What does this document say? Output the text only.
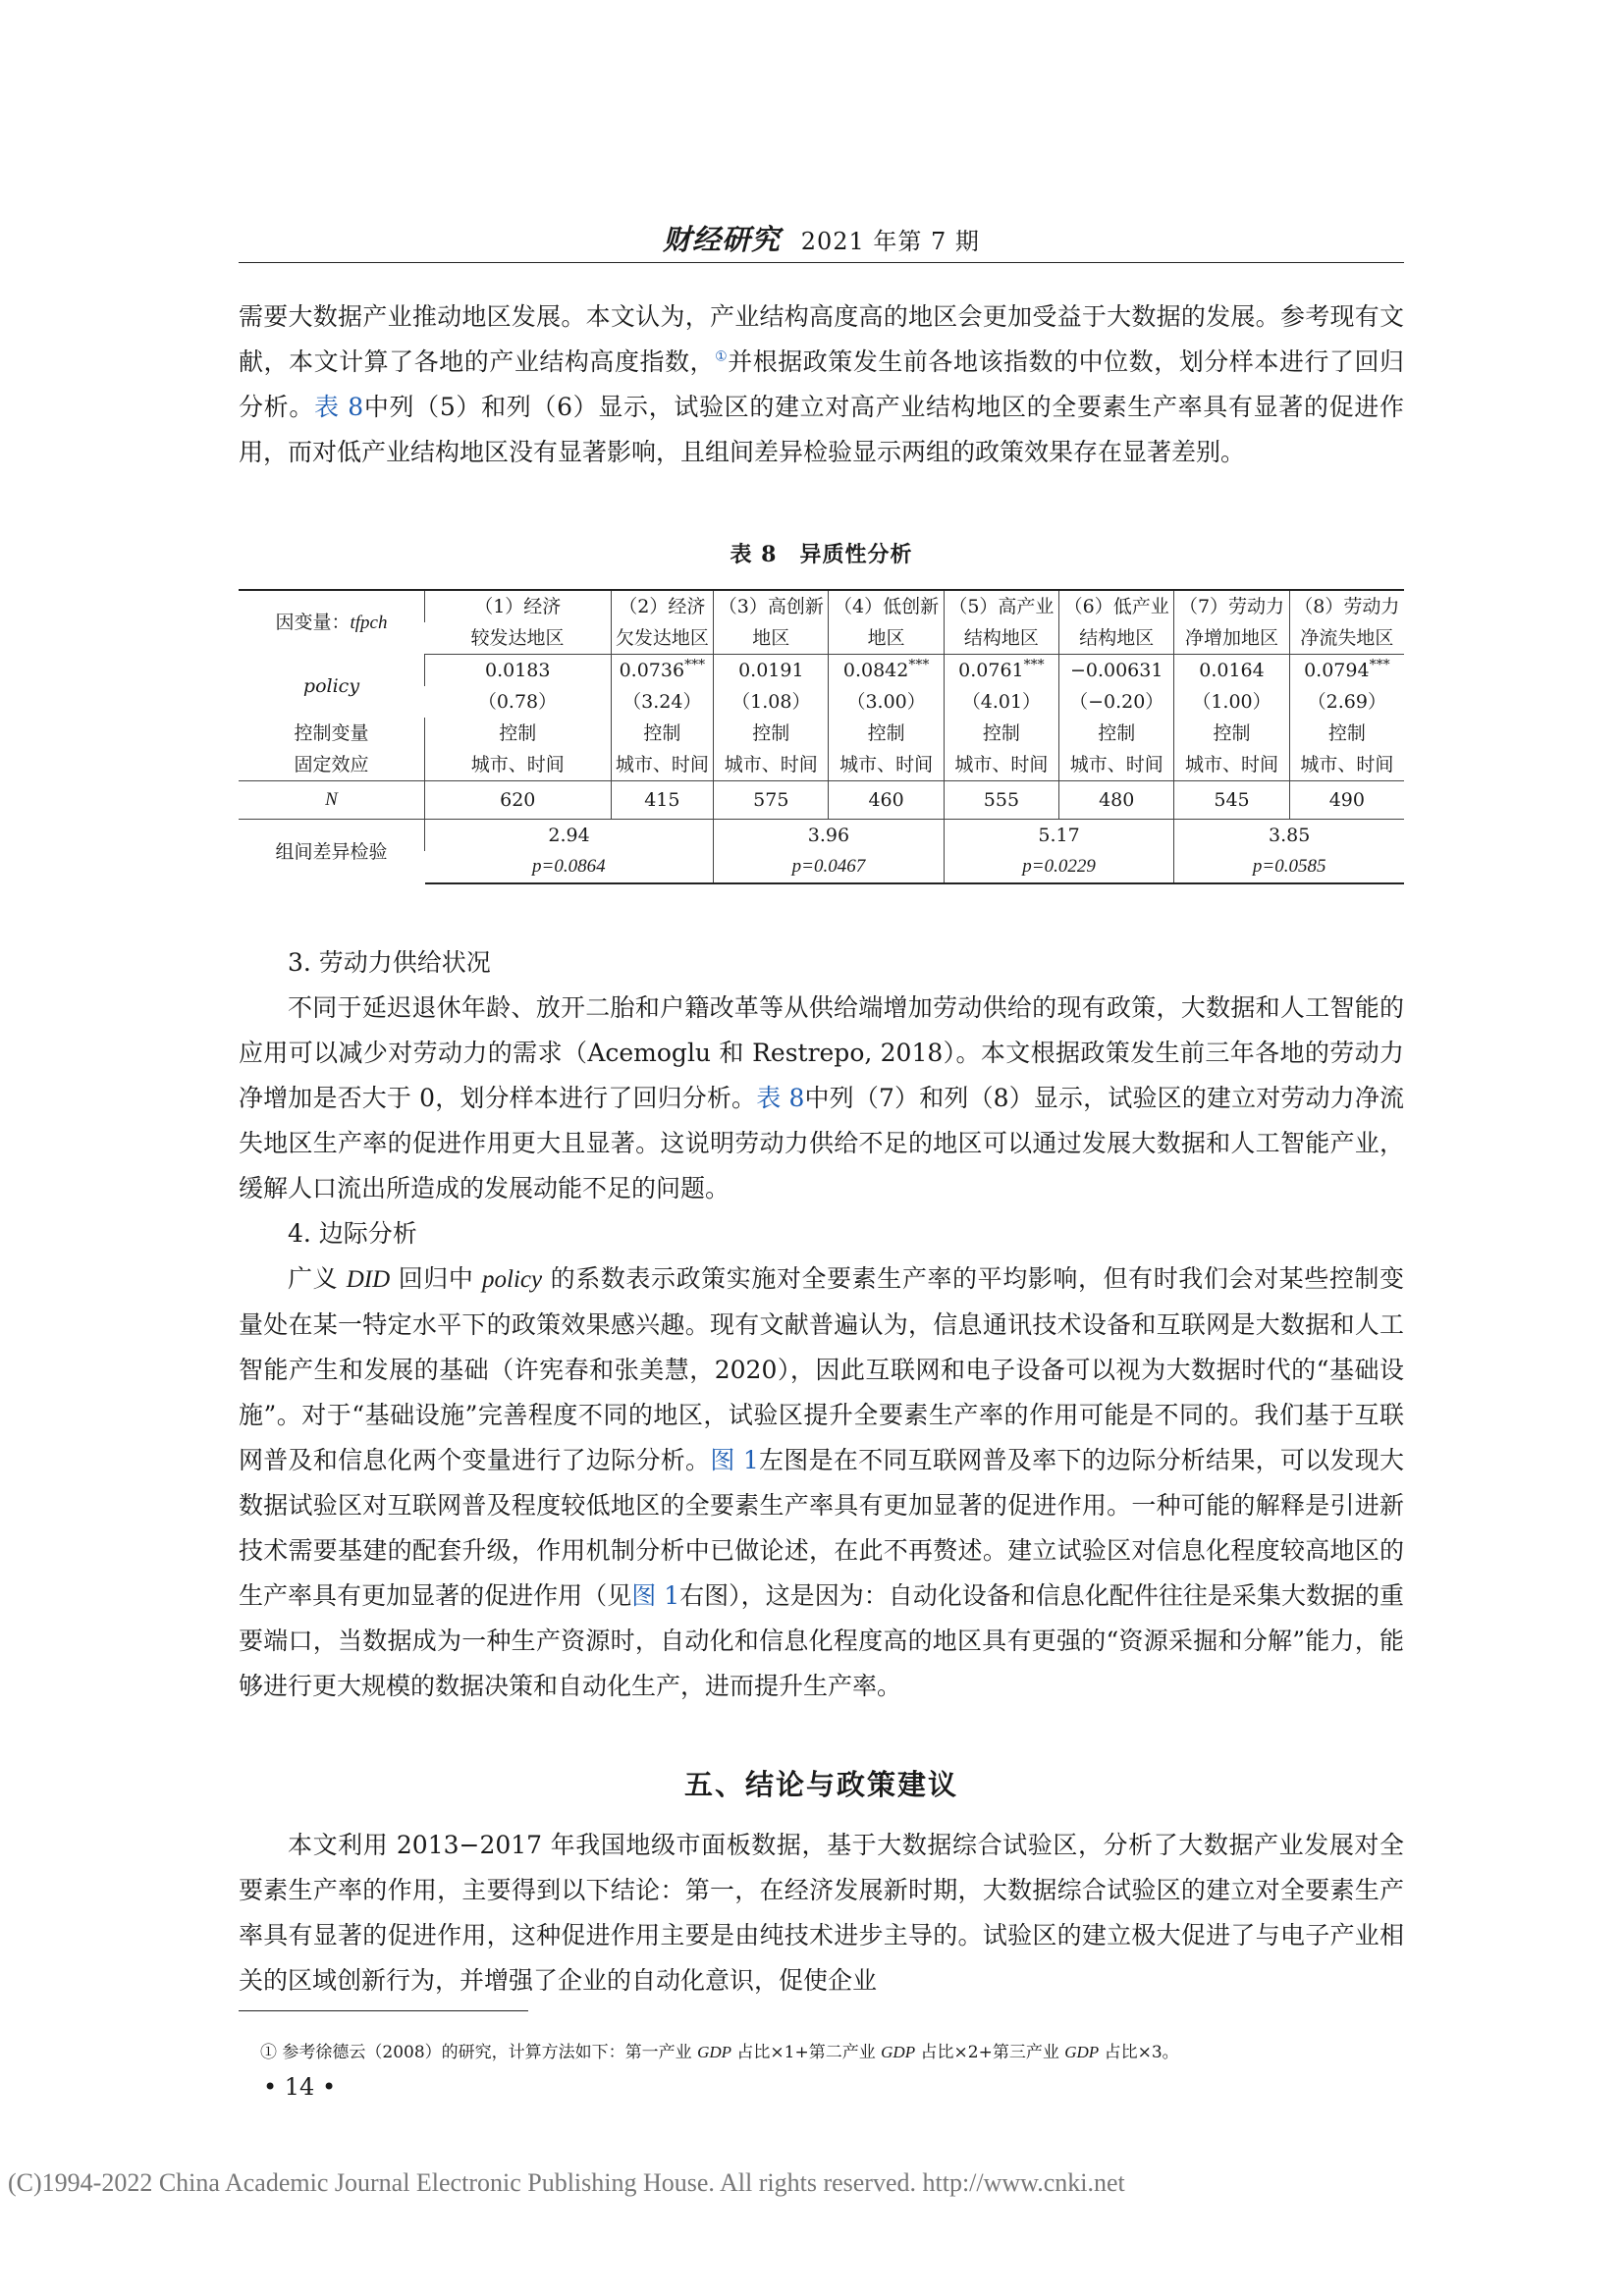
财经研究 2021 年第 7 期

需要大数据产业推动地区发展。本文认为，产业结构高度高的地区会更加受益于大数据的发展。参考现有文献，本文计算了各地的产业结构高度指数，①并根据政策发生前各地该指数的中位数，划分样本进行了回归分析。表 8中列（5）和列（6）显示，试验区的建立对高产业结构地区的全要素生产率具有显著的促进作用，而对低产业结构地区没有显著影响，且组间差异检验显示两组的政策效果存在显著差别。

表 8　异质性分析
因变量：tfpch	（1）经济	（2）经济	（3）高创新	（4）低创新	（5）高产业	（6）低产业	（7）劳动力	（8）劳动力
	较发达地区	欠发达地区	地区	地区	结构地区	结构地区	净增加地区	净流失地区
policy	0.0183	0.0736***	0.0191	0.0842***	0.0761***	−0.00631	0.0164	0.0794***
	（0.78）	（3.24）	（1.08）	（3.00）	（4.01）	（−0.20）	（1.00）	（2.69）
控制变量	控制	控制	控制	控制	控制	控制	控制	控制
固定效应	城市、时间	城市、时间	城市、时间	城市、时间	城市、时间	城市、时间	城市、时间	城市、时间
N	620	415	575	460	555	480	545	490
组间差异检验	2.94		3.96		5.17		3.85	
	p=0.0864		p=0.0467		p=0.0229		p=0.0585	

3. 劳动力供给状况

不同于延迟退休年龄、放开二胎和户籍改革等从供给端增加劳动供给的现有政策，大数据和人工智能的应用可以减少对劳动力的需求（Acemoglu 和 Restrepo, 2018）。本文根据政策发生前三年各地的劳动力净增加是否大于 0，划分样本进行了回归分析。表 8中列（7）和列（8）显示，试验区的建立对劳动力净流失地区生产率的促进作用更大且显著。这说明劳动力供给不足的地区可以通过发展大数据和人工智能产业，缓解人口流出所造成的发展动能不足的问题。

4. 边际分析

广义 DID 回归中 policy 的系数表示政策实施对全要素生产率的平均影响，但有时我们会对某些控制变量处在某一特定水平下的政策效果感兴趣。现有文献普遍认为，信息通讯技术设备和互联网是大数据和人工智能产生和发展的基础（许宪春和张美慧，2020），因此互联网和电子设备可以视为大数据时代的“基础设施”。对于“基础设施”完善程度不同的地区，试验区提升全要素生产率的作用可能是不同的。我们基于互联网普及和信息化两个变量进行了边际分析。图 1左图是在不同互联网普及率下的边际分析结果，可以发现大数据试验区对互联网普及程度较低地区的全要素生产率具有更加显著的促进作用。一种可能的解释是引进新技术需要基建的配套升级，作用机制分析中已做论述，在此不再赘述。建立试验区对信息化程度较高地区的生产率具有更加显著的促进作用（见图 1右图），这是因为：自动化设备和信息化配件往往是采集大数据的重要端口，当数据成为一种生产资源时，自动化和信息化程度高的地区具有更强的“资源采掘和分解”能力，能够进行更大规模的数据决策和自动化生产，进而提升生产率。

五、结论与政策建议

本文利用 2013−2017 年我国地级市面板数据，基于大数据综合试验区，分析了大数据产业发展对全要素生产率的作用，主要得到以下结论：第一，在经济发展新时期，大数据综合试验区的建立对全要素生产率具有显著的促进作用，这种促进作用主要是由纯技术进步主导的。试验区的建立极大促进了与电子产业相关的区域创新行为，并增强了企业的自动化意识，促使企业

① 参考徐德云（2008）的研究，计算方法如下：第一产业 GDP 占比×1+第二产业 GDP 占比×2+第三产业 GDP 占比×3。
• 14 •
(C)1994-2022 China Academic Journal Electronic Publishing House. All rights reserved. http://www.cnki.net
